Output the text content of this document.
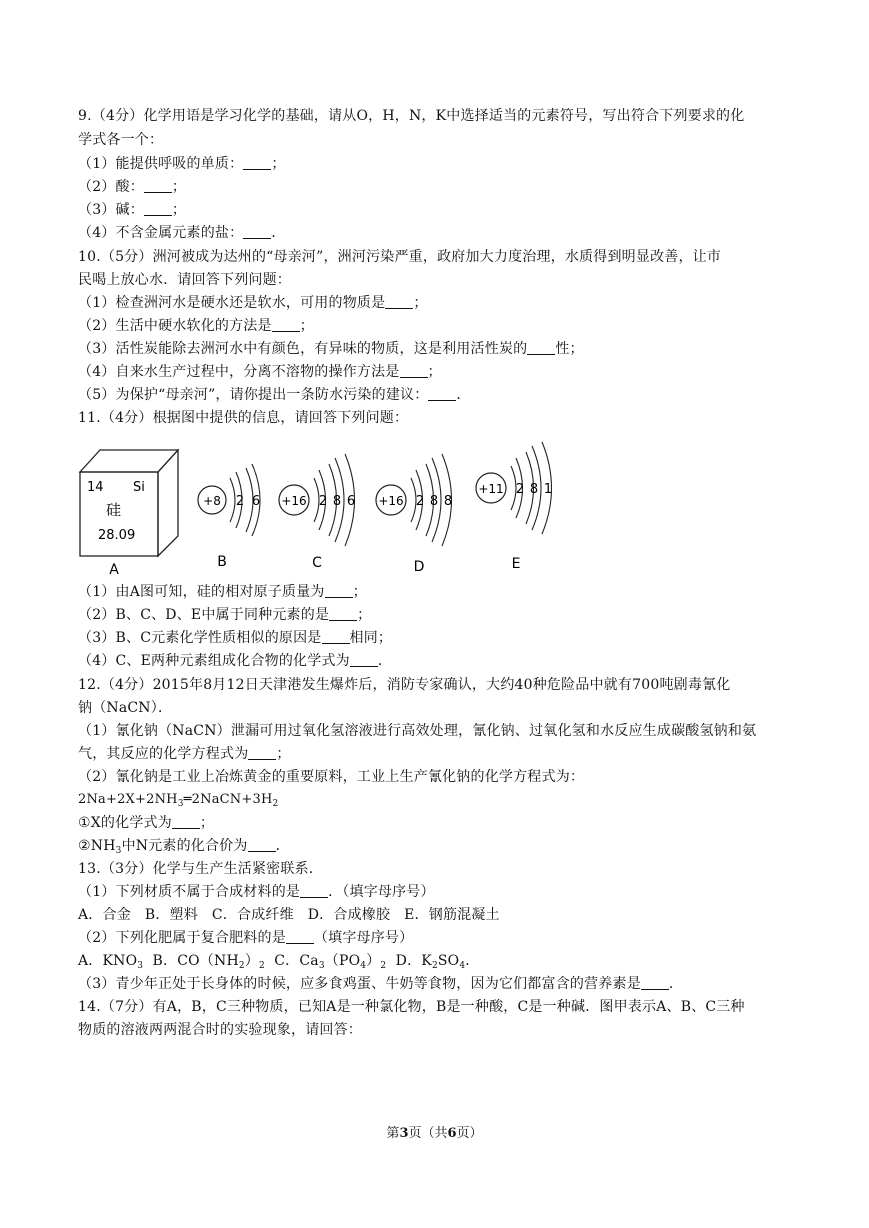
9.（4分）化学用语是学习化学的基础，请从O，H，N，K中选择适当的元素符号，写出符合下列要求的化
学式各一个：
（1）能提供呼吸的单质： ；
（2）酸： ；
（3）碱： ；
（4）不含金属元素的盐： ．
10.（5分）洲河被成为达州的“母亲河”，洲河污染严重，政府加大力度治理，水质得到明显改善，让市
民喝上放心水．请回答下列问题：
（1）检查洲河水是硬水还是软水，可用的物质是 ；
（2）生活中硬水软化的方法是 ；
（3）活性炭能除去洲河水中有颜色，有异味的物质，这是利用活性炭的 性；
（4）自来水生产过程中，分离不溶物的操作方法是 ；
（5）为保护“母亲河”，请你提出一条防水污染的建议： ．
11.（4分）根据图中提供的信息，请回答下列问题：
14 Si
硅
28.09
+8 2 6 +16 2 8 6 +16 2 8 8
+11 2 8 1
A	B	C	D	E
（1）由A图可知，硅的相对原子质量为 ；
（2）B、C、D、E中属于同种元素的是 ；
（3）B、C元素化学性质相似的原因是 相同；
（4）C、E两种元素组成化合物的化学式为 ．
12.（4分）2015年8月12日天津港发生爆炸后，消防专家确认，大约40种危险品中就有700吨剧毒氰化
钠（NaCN）．
（1）氰化钠（NaCN）泄漏可用过氧化氢溶液进行高效处理，氰化钠、过氧化氢和水反应生成碳酸氢钠和氨
气，其反应的化学方程式为 ；
（2）氰化钠是工业上冶炼黄金的重要原料，工业上生产氰化钠的化学方程式为：
$2Na+2X+2NH_3═2NaCN+3H_2$
①X的化学式为 ；
$②NH_3$中N元素的化合价为 ．
13.（3分）化学与生产生活紧密联系．
（1）下列材质不属于合成材料的是 ．（填字母序号）
A．合金   B．塑料   C．合成纤维   D．合成橡胶   E．钢筋混凝土
（2）下列化肥属于复合肥料的是 （填字母序号）
A．$KNO_3$  B．$CO(NH_2)_2$  C．$Ca_3(PO_4)_2$  D．$K_2SO_4$．
（3）青少年正处于长身体的时候，应多食鸡蛋、牛奶等食物，因为它们都富含的营养素是 ．
14.（7分）有A，B，C三种物质，已知A是一种氯化物，B是一种酸，C是一种碱．图甲表示A、B、C三种
物质的溶液两两混合时的实验现象，请回答：
第3页（共6页）
